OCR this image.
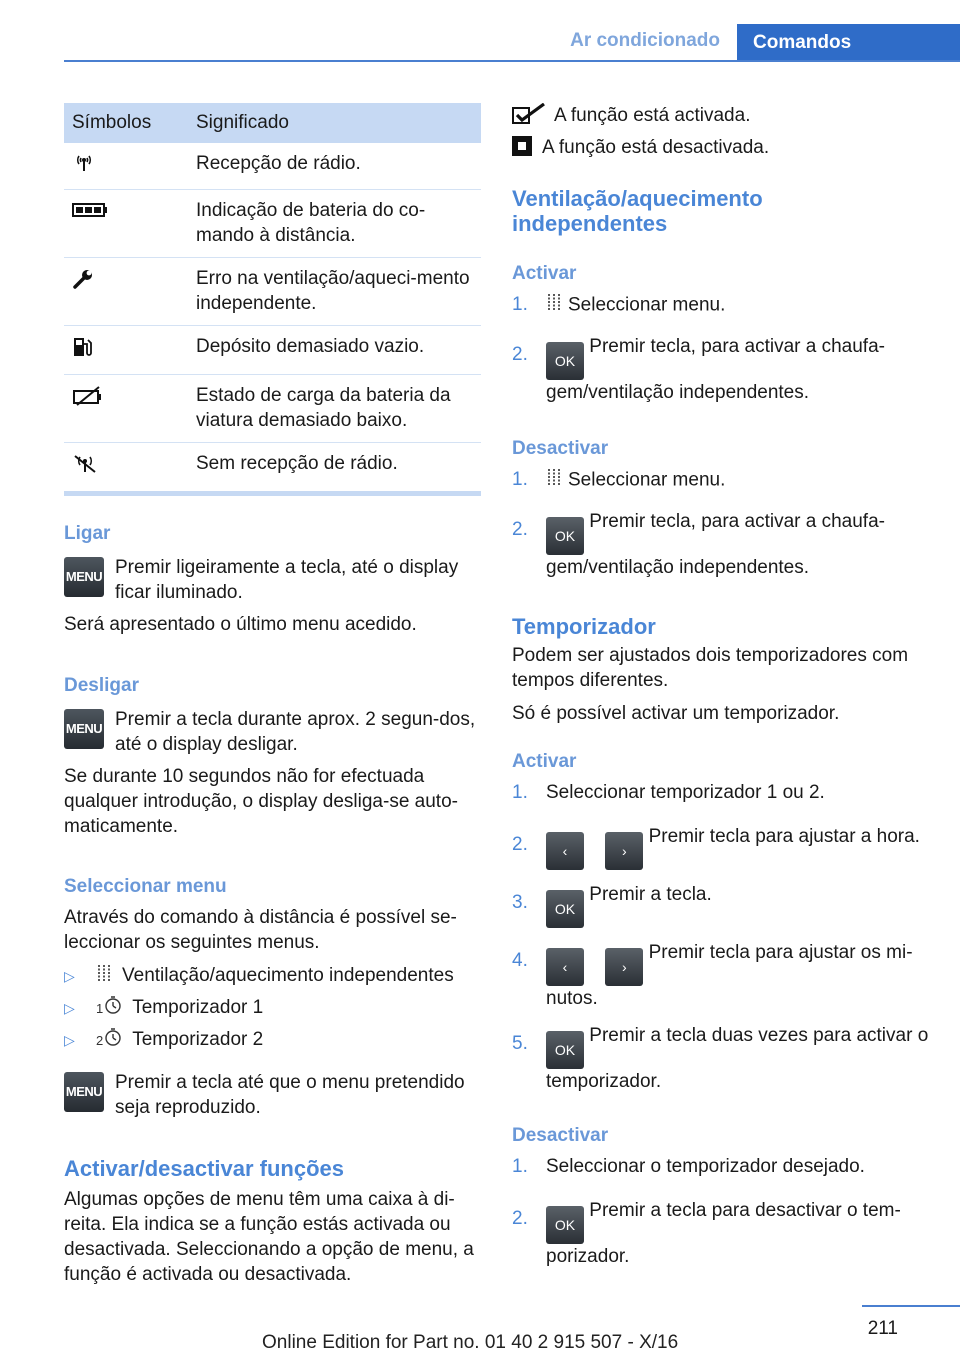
Ar condicionado	Comandos
Símbolos	Significado
	Recepção de rádio.
	Indicação de bateria do co-mando à distância.
	Erro na ventilação/aqueci-mento independente.
	Depósito demasiado vazio.
	Estado de carga da bateria da viatura demasiado baixo.
	Sem recepção de rádio.
Ligar
MENU Premir ligeiramente a tecla, até o display ficar iluminado.

Será apresentado o último menu acedido.

Desligar
MENU Premir a tecla durante aprox. 2 segun-dos, até o display desligar.

Se durante 10 segundos não for efectuada qualquer introdução, o display desliga-se auto-maticamente.

Seleccionar menu

Através do comando à distância é possível se-leccionar os seguintes menus.

▷	Ventilação/aquecimento independentes
▷	1 Temporizador 1
▷	2 Temporizador 2
MENU Premir a tecla até que o menu pretendido seja reproduzido.

Activar/desactivar funções

Algumas opções de menu têm uma caixa à di-reita. Ela indica se a função estás activada ou desactivada. Seleccionando a opção de menu, a função é activada ou desactivada.

A função está activada.
A função está desactivada.
Ventilação/aquecimento independentes
Activar
1. Seleccionar menu.
2. OK Premir tecla, para activar a chaufa-gem/ventilação independentes.
Desactivar
1. Seleccionar menu.
2. OK Premir tecla, para activar a chaufa-gem/ventilação independentes.
Temporizador

Podem ser ajustados dois temporizadores com tempos diferentes.

Só é possível activar um temporizador.

Activar
1. Seleccionar temporizador 1 ou 2.
2. ‹	› Premir tecla para ajustar a hora.
3. OK Premir a tecla.
4. ‹	› Premir tecla para ajustar os mi-nutos.
5. OK Premir a tecla duas vezes para activar o temporizador.
Desactivar
1. Seleccionar o temporizador desejado.
2. OK Premir a tecla para desactivar o tem-porizador.
211
Online Edition for Part no. 01 40 2 915 507 - X/16
